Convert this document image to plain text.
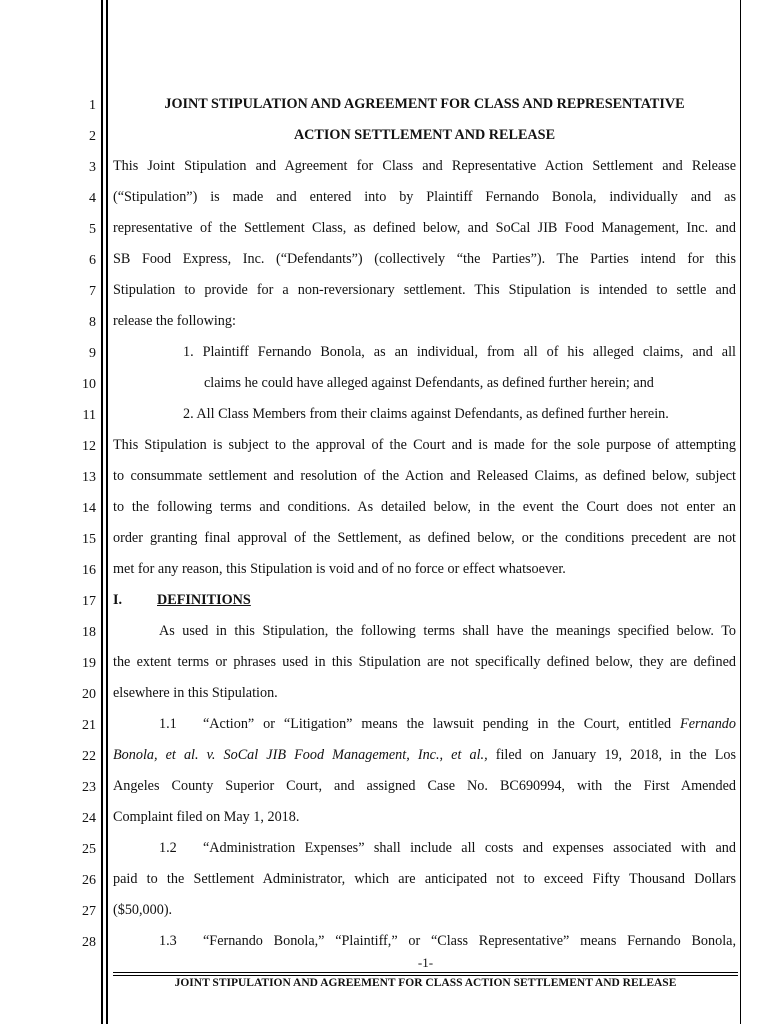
1
2
3
4
5
6
7
8
9
10
11
12
13
14
15
16
17
18
19
20
21
22
23
24
25
26
27
28
JOINT STIPULATION AND AGREEMENT FOR CLASS AND REPRESENTATIVE
ACTION SETTLEMENT AND RELEASE
This Joint Stipulation and Agreement for Class and Representative Action Settlement and Release
(“Stipulation”) is made and entered into by Plaintiff Fernando Bonola, individually and as
representative of the Settlement Class, as defined below, and SoCal JIB Food Management, Inc. and
SB Food Express, Inc. (“Defendants”) (collectively “the Parties”). The Parties intend for this
Stipulation to provide for a non-reversionary settlement. This Stipulation is intended to settle and
release the following:
1. Plaintiff Fernando Bonola, as an individual, from all of his alleged claims, and all
claims he could have alleged against Defendants, as defined further herein; and
2. All Class Members from their claims against Defendants, as defined further herein.
This Stipulation is subject to the approval of the Court and is made for the sole purpose of attempting
to consummate settlement and resolution of the Action and Released Claims, as defined below, subject
to the following terms and conditions. As detailed below, in the event the Court does not enter an
order granting final approval of the Settlement, as defined below, or the conditions precedent are not
met for any reason, this Stipulation is void and of no force or effect whatsoever.
I. DEFINITIONS
As used in this Stipulation, the following terms shall have the meanings specified below. To
the extent terms or phrases used in this Stipulation are not specifically defined below, they are defined
elsewhere in this Stipulation.
1.1 “Action” or “Litigation” means the lawsuit pending in the Court, entitled Fernando
Bonola, et al. v. SoCal JIB Food Management, Inc., et al., filed on January 19, 2018, in the Los
Angeles County Superior Court, and assigned Case No. BC690994, with the First Amended
Complaint filed on May 1, 2018.
1.2 “Administration Expenses” shall include all costs and expenses associated with and
paid to the Settlement Administrator, which are anticipated not to exceed Fifty Thousand Dollars
($50,000).
1.3 “Fernando Bonola,” “Plaintiff,” or “Class Representative” means Fernando Bonola,
-1-
JOINT STIPULATION AND AGREEMENT FOR CLASS ACTION SETTLEMENT AND RELEASE
